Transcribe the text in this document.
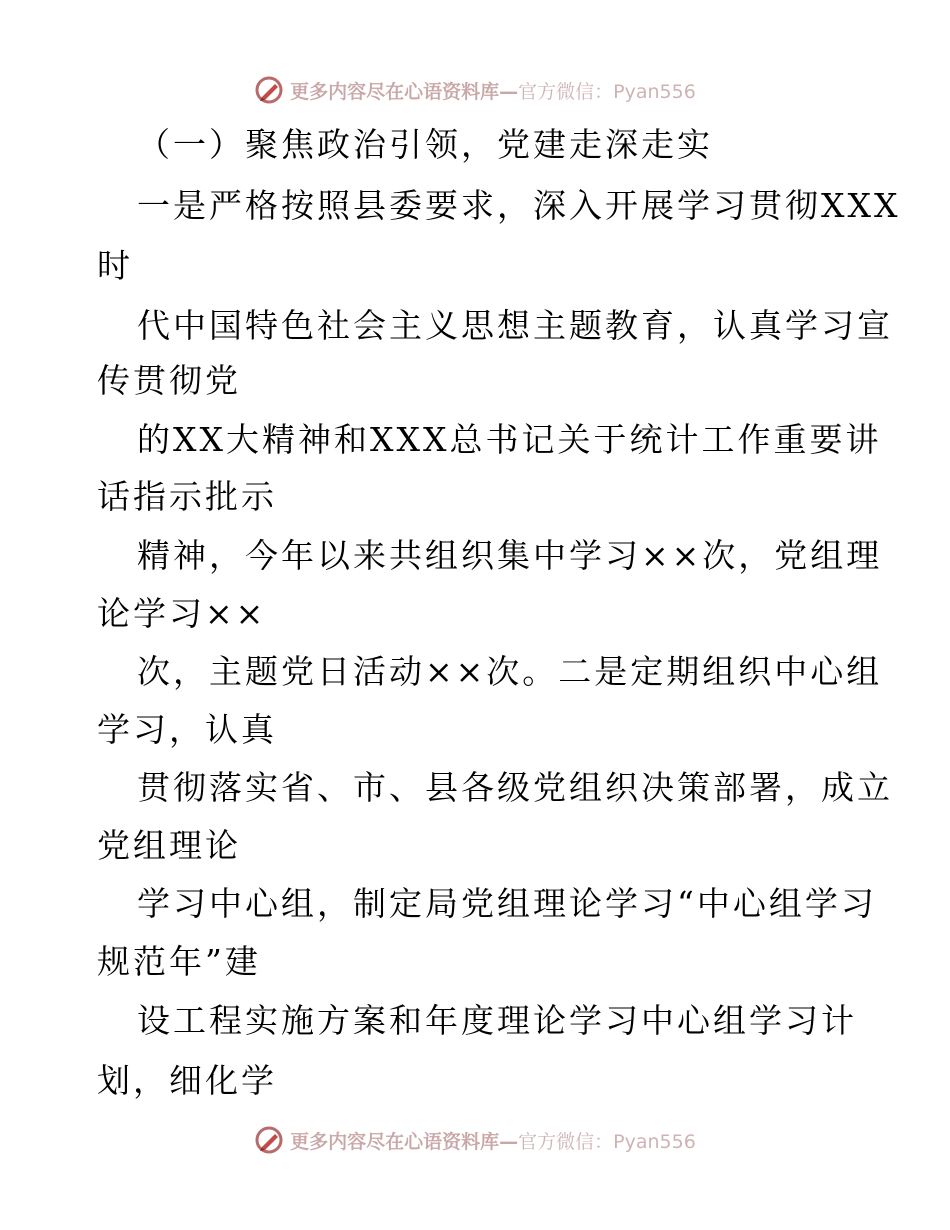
更多内容尽在心语资料库—官方微信：Pyan556
（一）聚焦政治引领，党建走深走实
一是严格按照县委要求，深入开展学习贯彻XXX
时
代中国特色社会主义思想主题教育，认真学习宣
传贯彻党
的XX大精神和XXX总书记关于统计工作重要讲
话指示批示
精神，今年以来共组织集中学习××次，党组理
论学习××
次，主题党日活动××次。二是定期组织中心组
学习，认真
贯彻落实省、市、县各级党组织决策部署，成立
党组理论
学习中心组，制定局党组理论学习“中心组学习
规范年”建
设工程实施方案和年度理论学习中心组学习计
划，细化学
更多内容尽在心语资料库—官方微信：Pyan556
